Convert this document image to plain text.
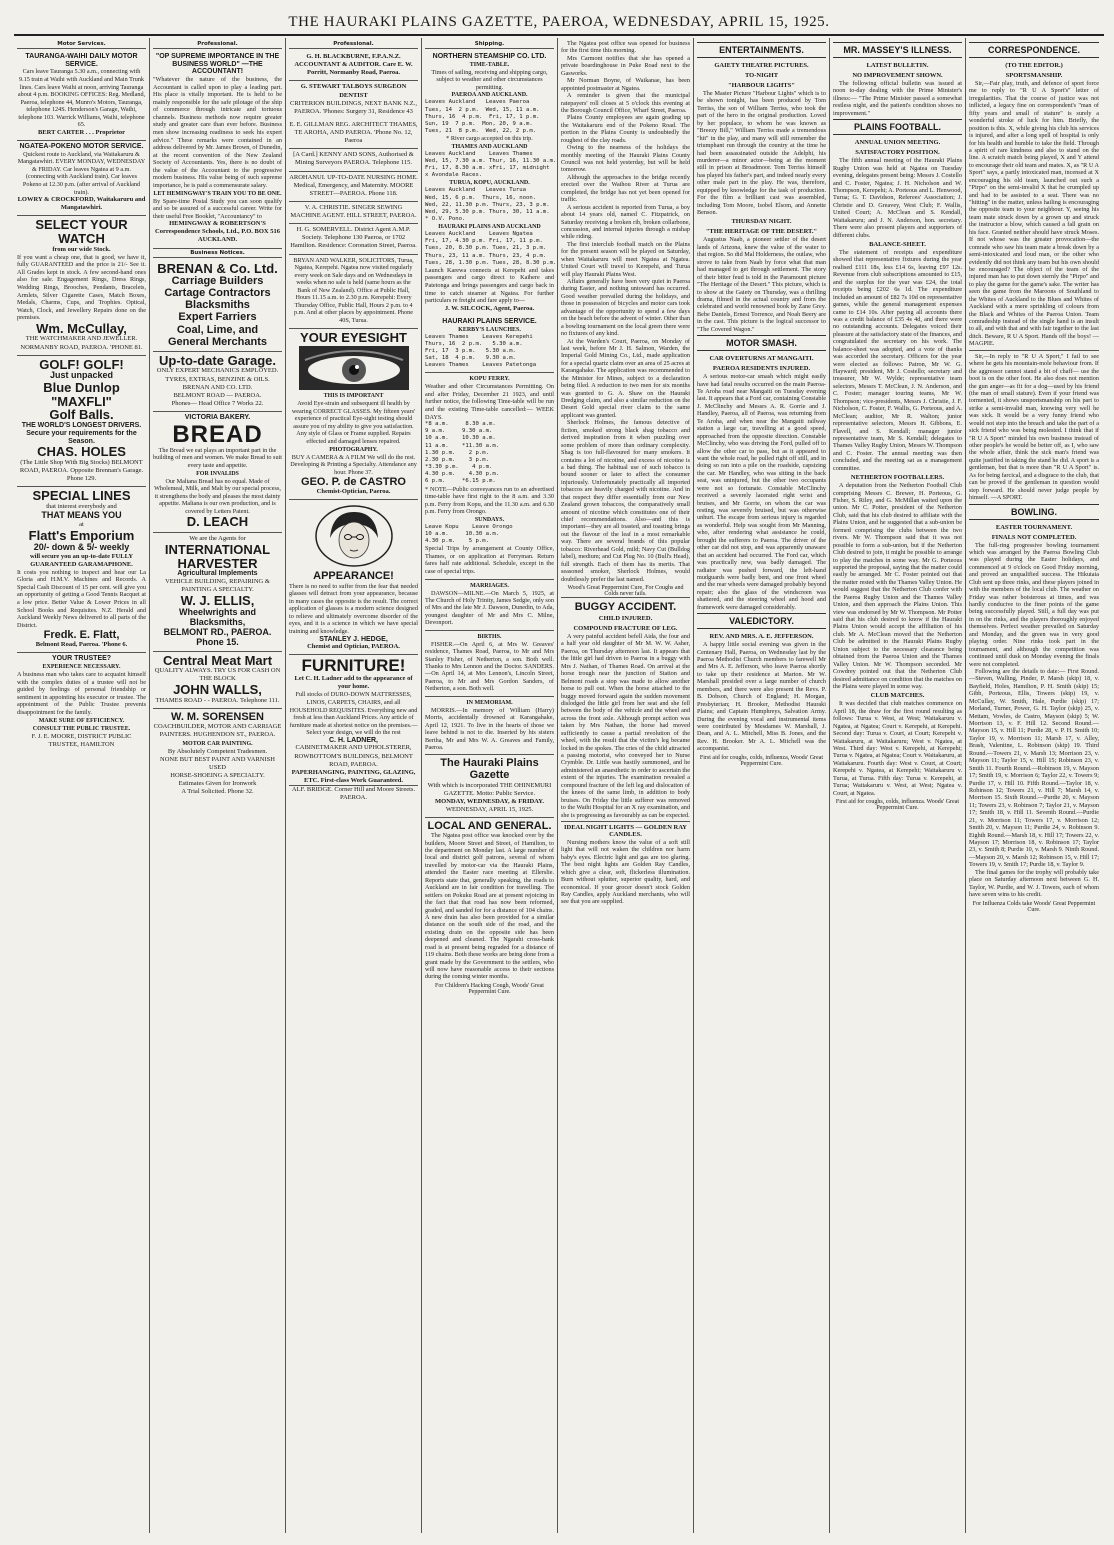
THE HAURAKI PLAINS GAZETTE, PAEROA, WEDNESDAY, APRIL 15, 1925.
Motor Services.
TAURANGA-WAIHI DAILY MOTOR SERVICE.
Cars leave Tauranga 5.30 a.m., connecting with 9.15 train at Waihi with Auckland and Main Trunk lines. Cars leave Waihi at noon, arriving Tauranga about 4 p.m. BOOKING OFFICES: Reg. Medland, Paeroa, telephone 44, Munro's Motors, Tauranga, telephone 124S. Henderson's Garage, Waihi, telephone 103. Warrick Williams, Waihi, telephone 65.
BERT CARTER . . . Proprietor
NGATEA-POKENO MOTOR SERVICE.
Quickest route to Auckland, via Waitakaruru & Mangatawhiri. EVERY MONDAY, WEDNESDAY & FRIDAY. Car leaves Ngatea at 9 a.m. (connecting with Auckland train). Car leaves Pokeno at 12.30 p.m. (after arrival of Auckland train).
LOWRY & CROCKFORD, Waitakaruru and Mangatawhiri.
SELECT YOUR WATCH
from our wide Stock.
If you want a cheap one, that is good, we have it, fully GUARANTEED and the price is 21/- See it. All Grades kept in stock. A few second-hand ones also for sale. Engagement Rings, Dress Rings, Wedding Rings, Brooches, Pendants, Bracelets, Armlets, Silver Cigarette Cases, Match Boxes, Medals, Charms, Cups, and Trophies. Optical, Watch, Clock, and Jewellery Repairs done on the premises.
Wm. McCullay,
THE WATCHMAKER AND JEWELLER. NORMANBY ROAD, PAEROA. 'PHONE 81.
GOLF! GOLF!
Just unpacked
Blue Dunlop
"MAXFLI"
Golf Balls.
THE WORLD'S LONGEST DRIVERS.
Secure your requirements for the Season.
CHAS. HOLES
(The Little Shop With Big Stocks) BELMONT ROAD, PAEROA. Opposite Brennan's Garage. Phone 129.
SPECIAL LINES
that interest everybody and
THAT MEANS YOU
at
Flatt's Emporium
20/- down & 5/- weekly
will secure you an up-to-date FULLY GUARANTEED GARAMAPHONE.
It costs you nothing to inspect and hear our La Gloria and H.M.V. Machines and Records. A Special Cash Discount of 15 per cent. will give you an opportunity of getting a Good Tennis Racquet at a low price. Better Value & Lower Prices in all School Books and Requisites. N.Z. Herald and Auckland Weekly News delivered to all parts of the District.
Fredk. E. Flatt,
Belmont Road, Paeroa. 'Phone 6.
YOUR TRUSTEE?
EXPERIENCE NECESSARY.
A business man who takes care to acquaint himself with the complex duties of a trustee will not be guided by feelings of personal friendship or sentiment in appointing his executor or trustee. The appointment of the Public Trustee prevents disappointment for the family.
MAKE SURE OF EFFICIENCY.
CONSULT THE PUBLIC TRUSTEE.
F. J. E. MOORE, DISTRICT PUBLIC TRUSTEE, HAMILTON
Professional.
"OP SUPREME IMPORTANCE IN THE BUSINESS WORLD" —THE ACCOUNTANT!
"Whatever the nature of the business, the Accountant is called upon to play a leading part. His place is vitally important. He is held to be mainly responsible for the safe pilotage of the ship of commerce through intricate and tortuous channels. Business methods now require greater study and greater care than ever before. Business men show increasing readiness to seek his expert advice." These remarks were contained in an address delivered by Mr. James Brown, of Dunedin, at the recent convention of the New Zealand Society of Accountants. Yes, there is no doubt of the value of the Accountant to the progressive modern business. His value being of such supreme importance, he is paid a commensurate salary.
LET HEMINGWAY'S TRAIN YOU TO BE ONE.
By Spare-time Postal Study you can soon qualify and so be assured of a successful career. Write for their useful Free Booklet, "Accountancy" to
HEMINGWAY & ROBERTSON'S Correspondence Schools, Ltd., P.O. BOX 516 AUCKLAND.
Business Notices.
BRENAN & Co. Ltd.
Carriage Builders
Cartage Contractors
Blacksmiths
Expert Farriers
Coal, Lime, and
General Merchants
Up-to-date Garage.
ONLY EXPERT MECHANICS EMPLOYED.
TYRES, EXTRAS, BENZINE & OILS.
BRENAN AND CO. LTD.
BELMONT ROAD — PAEROA.
Phones— Head Office 7 Works 22.
VICTORIA BAKERY.
BREAD
The Bread we eat plays an important part in the building of men and women. We make Bread to suit every taste and appetite.
FOR INVALIDS
Our Maltana Bread has no equal. Made of Wholemeal, Milk, and Malt by our special process, it strengthens the body and pleases the most dainty appetite. Maltana is our own production, and is covered by Letters Patent.
D. LEACH
We are the Agents for
INTERNATIONAL HARVESTER
Agricultural Implements
VEHICLE BUILDING, REPAIRING & PAINTING A SPECIALTY.
W. J. ELLIS,
Wheelwrights and Blacksmiths,
BELMONT RD., PAEROA.
Phone 15.
Central Meat Mart
QUALITY ALWAYS. TRY US FOR CASH ON THE BLOCK
JOHN WALLS,
THAMES ROAD - - PAEROA. Telephone 111.
W. M. SORENSEN
COACHBUILDER, MOTOR AND CARRIAGE PAINTERS. HUGHENDON ST., PAEROA.
MOTOR CAR PAINTING.
By Absolutely Competent Tradesmen.
NONE BUT BEST PAINT AND VARNISH USED
HORSE-SHOEING A SPECIALTY.
Estimates Given for Ironwork
A Trial Solicited. Phone 32.
Professional.
G. H. BLACKBURNE, F.P.A.N.Z. ACCOUNTANT & AUDITOR. Care E. W. Porritt, Normanby Road, Paeroa.
G. STEWART TALBOYS SURGEON DENTIST
CRITERION BUILDINGS, NEXT BANK N.Z., PAEROA. 'Phones: Surgery 31, Residence 43
E. E. GILLMAN REG. ARCHITECT THAMES, TE AROHA, AND PAEROA. 'Phone No. 12, Paeroa
[A Card.] KENNY AND SONS, Authorised & Mining Surveyors PAEROA. Telephone 115.
AROHANUI. UP-TO-DATE NURSING HOME. Medical, Emergency, and Maternity. MOORE STREET—PAEROA. Phone 118.
V. A. CHRISTIE. SINGER SEWING MACHINE AGENT. HILL STREET, PAEROA.
H. G. SOMERVELL. District Agent A.M.P. Society. Telephone 130 Paeroa, or 1702 Hamilton. Residence: Coronation Street, Paeroa.
BRYAN AND WALKER, SOLICITORS, Turua, Ngatea, Kerepehi. Ngatea now visited regularly every week on Sale days and on Wednesdays in weeks when no sale is held (same hours as the Bank of New Zealand). Office at Public Hall, Hours 11.15 a.m. to 2.30 p.m. Kerepehi: Every Thursday Office, Public Hall, Hours 2 p.m. to 4 p.m. And at other places by appointment. Phone 40S, Turua.
YOUR EYESIGHT
THIS IS IMPORTANT
Avoid Eye-strain and subsequent ill health by wearing CORRECT GLASSES. My fifteen years' experience of practical Eye-sight testing should assure you of my ability to give you satisfaction. Any style of Glass or Frame supplied. Repairs effected and damaged lenses repaired.
PHOTOGRAPHY.
BUY A CAMERA & A FILM We will do the rest. Developing & Printing a Specialty. Attendance any hour. Phone 37.
GEO. P. de CASTRO
Chemist-Optician, Paeroa.
APPEARANCE!
There is no need to suffer from the fear that needed glasses will detract from your appearance, because in many cases the opposite is the result. The correct application of glasses is a modern science designed to relieve and ultimately overcome disorder of the eyes, and it is a science in which we have special training and knowledge.
STANLEY J. HEDGE,
Chemist and Optician, PAEROA.
FURNITURE!
Let C. H. Ladner add to the appearance of your home.
Full stocks of DURO-DOWN MATTRESSES, LINOS, CARPETS, CHAIRS, and all HOUSEHOLD REQUISITES. Everything new and fresh at less than Auckland Prices. Any article of furniture made at shortest notice on the premises.— Select your design, we will do the rest
C. H. LADNER,
CABINETMAKER AND UPHOLSTERER, ROWBOTTOM'S BUILDINGS, BELMONT ROAD, PAEROA.
PAPERHANGING, PAINTING, GLAZING, ETC. First-class Work Guaranteed.
ALF. BRIDGE. Corner Hill and Moore Streets. PAEROA.
Shipping.
NORTHERN STEAMSHIP CO. LTD.
TIME-TABLE.
Times of sailing, receiving and shipping cargo, subject to weather and other circumstances permitting.
PAEROA AND AUCKLAND.
Leaves Auckland   Leaves Paeroa
Tues, 14  2 p.m.  Wed, 15, 11 a.m.
Thurs, 16  4 p.m.  Fri, 17, 1 p.m.
Sun, 19  7 p.m.  Mon, 20, 9 a.m.
Tues, 21  8 p.m.  Wed, 22, 2 p.m.
* River cargo accepted on this trip.
THAMES AND AUCKLAND
Leaves Auckland    Leaves Thames
Wed, 15, 7.30 a.m. Thur, 16, 11.30 a.m.
Fri, 17, 8.30 a.m. xFri, 17, midnight
x Avondale Races.
TURUA, KOPU, AUCKLAND.
Leaves Auckland   Leaves Turua
Wed, 15, 6 p.m.  Thurs, 16, noon.
Wed, 22, 11.30 p.m. Thurs, 23, 3 p.m.
Wed, 29, 5.30 p.m. Thurs, 30, 11 a.m.
* O.V. Pono.
HAURAKI PLAINS AND AUCKLAND
Leaves Auckland    Leaves Ngatea
Fri, 17, 4.30 p.m. Fri, 17, 11 p.m.
Tues, 20, 8.30 p.m. Tues, 21, 3 p.m.
Thurs, 23, 11 a.m. Thurs, 23, 4 p.m.
Tues, 28, 1.30 p.m. Tues, 28, 8.30 p.m.
Launch Karewa connects at Kerepehi and takes passengers and cargo direct to Kaihere and Patetonga and brings passengers and cargo back in time to catch steamer at Ngatea. For further particulars re freight and fare apply to—
J. W. SILCOCK, Agent, Paeroa.
HAURAKI PLAINS SERVICE.
KERBY'S LAUNCHES.
Leaves Thames    Leaves Kerepehi
Thurs, 16  2 p.m.   5.30 a.m.
Fri, 17  3 p.m.   5.30 a.m.
Sat, 18  4 p.m.   9.30 a.m.
Leaves Thames    Leaves Patetonga
KOPU FERRY.
Weather and other Circumstances Permitting. On and after Friday, December 21 1923, and until further notice, the following Time-table will be run and the existing Time-table cancelled:— WEEK DAYS.
*8 a.m.     8.30 a.m.
9 a.m.     9.30 a.m.
10 a.m.    10.30 a.m.
11 a.m.    *11.30 a.m.
1.30 p.m.    2 p.m.
2.30 p.m.    3 p.m.
*3.30 p.m.    4 p.m.
4.30 p.m.    4.30 p.m.
6 p.m.     *6.15 p.m.
* NOTE—Public conveyances run to an advertised time-table have first right to the 8 a.m. and 3.30 p.m. Ferry from Kopu, and the 11.30 a.m. and 6.30 p.m. Ferry from Orongo.
SUNDAYS.
Leave Kopu    Leave Orongo
10 a.m.     10.30 a.m.
4.30 p.m.    5 p.m.
Special Trips by arrangement at County Office, Thames, or on application at Ferryman. Return fares half rate additional. Schedule, except in the case of special trips.
MARRIAGES.
DAWSON—MILNE.—On March 5, 1925, at The Church of Holy Trinity, James Sedgie, only son of Mrs and the late Mr J. Dawson, Dunedin, to Ada, youngest daughter of Mr and Mrs C. Milne, Devonport.
BIRTHS.
FISHER.—On April 6, at Mrs W. Greaves' residence, Thames Road, Paeroa, to Mr and Mrs Stanley Fisher, of Netherton, a son. Both well. Thanks to Mrs Lennon and the Doctor. SANDERS.—On April 14, at Mrs Lennon's, Lincoln Street, Paeroa, to Mr and Mrs Gordon Sanders, of Netherton, a son. Both well.
IN MEMORIAM.
MORRIS.—In memory of William (Harry) Morris, accidentally drowned at Karangahake, April 12, 1921. To live in the hearts of those we leave behind is not to die. Inserted by his sisters Bertha, Mr and Mrs W. A. Greaves and Family, Paeroa.
The Hauraki Plains Gazette
With which is incorporated THE OHINEMURI GAZETTE. Motto: Public Service.
MONDAY, WEDNESDAY, & FRIDAY.
WEDNESDAY, APRIL 15, 1925.
LOCAL AND GENERAL.
The Ngatea post office was knocked over by the builders, Moore Street and Street, of Hamilton, to the department on Monday last. A large number of local and district golf patrons, several of whom travelled by motor-car via the Hauraki Plains, attended the Easter race meeting at Ellerslie. Reports state that, generally speaking, the roads to Auckland are in fair condition for travelling. The settlers on Pokuku Road are at present rejoicing in the fact that that road has now been reformed, graded, and sanded for for a distance of 104 chains. A new drain has also been provided for a similar distance on the south side of the road, and the existing drain on the opposite side has been deepened and cleaned. The Ngarahi cross-bank road is at present being regraded for a distance of 119 chains. Both these works are being done from a grant made by the Government to the settlers, who will now have reasonable access to their sections during the coming winter months.
For Children's Hacking Cough, Woods' Great Peppermint Cure.
The Ngatea post office was opened for business for the first time this morning.
Mrs Carmont notifies that she has opened a private boardinghouse in Puke Road next to the Gasworks.
Mr Norman Boyne, of Waikanae, has been appointed postmaster at Ngatea.
A reminder is given that the municipal ratepayers' roll closes at 5 o'clock this evening at the Borough Council Office, Wharf Street, Paeroa.
Plains County employees are again grading up the Waitakaruru end of the Pokeno Road. The portion in the Plains County is undoubtedly the roughest of the clay roads.
Owing to the nearness of the holidays the monthly meeting of the Hauraki Plains County Council was not held yesterday, but will be held tomorrow.
Although the approaches to the bridge recently erected over the Waihou River at Turua are completed, the bridge has not yet been opened for traffic.
A serious accident is reported from Turua, a boy about 14 years old, named C. Fitzpatrick, on Saturday receiving a broken rib, broken collarbone, concussion, and internal injuries through a mishap while riding.
The first interclub football match on the Plains for the present season will be played on Saturday, when Waitakaruru will meet Ngatea at Ngatea. United Court will travel to Kerepehi, and Turua will play Hauraki Plains West.
Affairs generally have been very quiet in Paeroa during Easter, and nothing untoward has occurred. Good weather prevailed during the holidays, and those in possession of bicycles and motor cars took advantage of the opportunity to spend a few days on the beach before the advent of winter. Other than a bowling tournament on the local green there were no fixtures of any kind.
At the Warden's Court, Paeroa, on Monday of last week, before Mr J. H. Salmon, Warden, the Imperial Gold Mining Co., Ltd., made application for a special quartz claim over an area of 25 acres at Karangahake. The application was recommended to the Minister for Mines, subject to a declaration being filed. A reduction to two men for six months was granted to G. A. Shaw on the Hauraki Dredging claim, and also a similar reduction on the Desert Gold special river claim to the same applicant was granted.
Sherlock Holmes, the famous detective of fiction, smoked strong black shag tobacco and derived inspiration from it when puzzling over some problem of more than ordinary complexity. Shag is too full-flavoured for many smokers. It contains a lot of nicotine, and excess of nicotine is a bad thing. The habitual use of such tobacco is bound sooner or later to affect the consumer injuriously. Unfortunately practically all imported tobaccos are heavily charged with nicotine. And in that respect they differ essentially from our New Zealand grown tobaccos, the comparatively small amount of nicotine which constitutes one of their chief recommendations. Also—and this is important—they are all toasted, and toasting brings out the flavour of the leaf in a most remarkable way. There are several brands of this popular tobacco: Riverhead Gold, mild; Navy Cut (Bulldog label), medium; and Cut Plug No. 10 (Bull's Head), full strength. Each of them has its merits. That seasoned smoker, Sherlock Holmes, would doubtlessly prefer the last named.
Wood's Great Peppermint Cure, For Coughs and Colds never fails.
BUGGY ACCIDENT.
CHILD INJURED.
COMPOUND FRACTURE OF LEG.
A very painful accident befell Aida, the four and a half year old daughter of Mr M. W. W. Asher, Paeroa, on Thursday afternoon last. It appears that the little girl had driven to Paeroa in a buggy with Mrs J. Nathan, of Thames Road. On arrival at the horse trough near the junction of Station and Belmont roads a stop was made to allow another horse to pull out. When the horse attached to the buggy moved forward again the sudden movement dislodged the little girl from her seat and she fell between the body of the vehicle and the wheel and across the front axle. Although prompt action was taken by Mrs Nathan, the horse had moved sufficiently to cause a partial revolution of the wheel, with the result that the victim's leg became locked in the spokes. The cries of the child attracted a passing motorist, who conveyed her to Nurse Crymble. Dr. Little was hastily summoned, and he administered an anaesthetic in order to ascertain the extent of the injuries. The examination revealed a compound fracture of the left leg and dislocation of the knees of the same limb, in addition to body bruises. On Friday the little sufferer was removed to the Waihi Hospital for an X ray examination, and she is progressing as favourably as can be expected.
IDEAL NIGHT LIGHTS — GOLDEN RAY CANDLES.
Nursing mothers know the value of a soft still light that will not waken the children nor harm baby's eyes. Electric light and gas are too glaring. The best night lights are Golden Ray Candles, which give a clear, soft, flickerless illumination. Burn without splutter, superior quality, hard, and economical. If your grocer doesn't stock Golden Ray Candles, apply Auckland merchants, who will see that you are supplied.
ENTERTAINMENTS.
GAIETY THEATRE PICTURES.
TO-NIGHT
"HARBOUR LIGHTS"
The Master Picture "Harbour Lights" which is to be shown tonight, has been produced by Tom Terriss, the son of William Terriss, who took the part of the hero in the original production. Loved by her populace, to whom he was known as "Breezy Bill," William Terriss made a tremendous "hit" in the play, and many will still remember the triumphant run through the country at the time he had been assassinated outside the Adelphi, his murderer—a minor actor—being at the moment still in prison at Broadmoor. Tom Terriss himself has played his father's part, and indeed nearly every other male part in the play. He was, therefore, equipped by knowledge for the task of production. For the film a brilliant cast was assembled, including Tom Moore, Isobel Elsom, and Annette Benson.
THURSDAY NIGHT.
"THE HERITAGE OF THE DESERT."
Augustus Naab, a pioneer settler of the desert lands of Arizona, knew the value of the water to that region. So did Mal Holderness, the outlaw, who strove to take from Naab by force what that man had managed to get through settlement. The story of their bitter feud is told in the Paramount picture "The Heritage of the Desert." This picture, which is to show at the Gaiety on Thursday, was a thrilling drama, filmed in the actual country and from the celebrated and world renowned book by Zane Grey. Bebe Daniels, Ernest Torrence, and Noah Beery are in the cast. This picture is the logical successor to "The Covered Wagon."
MOTOR SMASH.
CAR OVERTURNS AT MANGAITI.
PAEROA RESIDENTS INJURED.
A serious motor-car smash which might easily have had fatal results occurred on the main Paeroa-Te Aroha road near Mangaiti on Tuesday evening last. It appears that a Ford car, containing Constable J. McClinchy and Messrs A. R. Gorrie and J. Handley, Paeroa, all of Paeroa, was returning from Te Aroha, and when near the Mangaiti railway station a large car, travelling at a good speed, approached from the opposite direction. Constable McClinchy, who was driving the Ford, pulled off to allow the other car to pass, but as it appeared to want the whole road, he pulled right off still, and in doing so ran into a pile on the roadside, capsizing the car. Mr Handley, who was sitting in the back seat, was uninjured, but the other two occupants were not so fortunate. Constable McClinchy received a severely lacerated right wrist and bruises, and Mr Gorrie, on whom the car was resting, was severely bruised, but was otherwise unhurt. The escape from serious injury is regarded as wonderful. Help was sought from Mr Manning, who, after rendering what assistance he could, brought the sufferers to Paeroa. The driver of the other car did not stop, and was apparently unaware that an accident had occurred. The Ford car, which was practically new, was badly damaged. The radiator was pushed forward, the left-hand mudguards were badly bent, and one front wheel and the rear wheels were damaged probably beyond repair; also the glass of the windscreen was shattered, and the steering wheel and hood and framework were damaged considerably.
VALEDICTORY.
REV. AND MRS. A. E. JEFFERSON.
A happy little social evening was given in the Centenary Hall, Paeroa, on Wednesday last by the Paeroa Methodist Church members to farewell Mr and Mrs A. E. Jefferson, who leave Paeroa shortly to take up their residence at Marton. Mr W. Marshall presided over a large number of church members, and there were also present the Revs. P. B. Dobson, Church of England; H. Morgan, Presbyterian; H. Brooker, Methodist Hauraki Plains; and Captain Humphreys, Salvation Army. During the evening vocal and instrumental items were contributed by Mesdames W. Marshall, J. Dean, and A. L. Mitchell, Miss B. Jones, and the Rev. H. Brooker. Mr A. L. Mitchell was the accompanist.
First aid for coughs, colds, influenza, Woods' Great Peppermint Cure.
MR. MASSEY'S ILLNESS.
LATEST BULLETIN.
NO IMPROVEMENT SHOWN.
The following official bulletin was issued at noon to-day dealing with the Prime Minister's illness:— "The Prime Minister passed a somewhat restless night, and the patient's condition shows no improvement."
PLAINS FOOTBALL.
ANNUAL UNION MEETING.
SATISFACTORY POSITION.
The fifth annual meeting of the Hauraki Plains Rugby Union was held at Ngatea on Tuesday evening, delegates present being: Messrs J. Costello and C. Foster, Ngatea; J. H. Nicholson and W. Thompson, Kerepehi; A. Porteous and L. Henwood, Turua; G. T. Davidson, Referees' Association; J. Christie and D. Greavey, West Club; F. Wallis, United Court; A. McClean and S. Kendall, Waitakaruru; and J. N. Anderson, hon. secretary. There were also present players and supporters of different clubs.
BALANCE-SHEET.
The statement of receipts and expenditure showed that representative fixtures during the year realised £111 18s, less £14 6s, leaving £97 12s. Revenue from club subscriptions amounted to £15, and the surplus for the year was £24, the total receipts being £202 6s 1d. The expenditure included an amount of £82 7s 10d on representative games, while the general management expenses came to £14 10s. After paying all accounts there was a credit balance of £35 4s 4d, and there were no outstanding accounts. Delegates voiced their pleasure at the satisfactory state of the finances, and congratulated the secretary on his work. The balance-sheet was adopted, and a vote of thanks was accorded the secretary. Officers for the year were elected as follows: Patron, Mr W. G. Hayward; president, Mr J. Costello; secretary and treasurer, Mr W. Wylde; representative team selectors, Messrs T. McClean, J. N. Anderson, and C. Foster; manager touring teams, Mr W. Thompson; vice-presidents, Messrs J. Christie, J. F. Nicholson, C. Foster, F. Wallis, G. Porteous, and A. McClean; auditor, Mr R. Walton; junior representative selectors, Messrs H. Gibbons, E. Flavell, and S. Kendall; manager junior representative team, Mr S. Kendall; delegates to Thames Valley Rugby Union, Messrs W. Thompson and C. Foster. The annual meeting was then concluded, and the meeting sat as a management committee.
NETHERTON FOOTBALLERS.
A deputation from the Netherton Football Club comprising Messrs C. Brewer, H. Porteous, G. Fisher, S. Riley, and G. McMillan waited upon the union. Mr C. Potter, president of the Netherton Club, said that his club desired to affiliate with the Plains Union, and he suggested that a sub-union be formed comprising the clubs between the two rivers. Mr W. Thompson said that it was not possible to form a sub-union, but if the Netherton Club desired to join, it might be possible to arrange to play the matches in some way. Mr G. Porteous supported the proposal, saying that the matter could easily be arranged. Mr C. Foster pointed out that the matter rested with the Thames Valley Union. He would suggest that the Netherton Club confer with the Paeroa Rugby Union and the Thames Valley Union, and then approach the Plains Union. This view was endorsed by Mr W. Thompson. Mr Potter said that his club desired to know if the Hauraki Plains Union would accept the affiliation of his club. Mr A. McClean moved that the Netherton Club be admitted to the Hauraki Plains Rugby Union subject to the necessary clearance being obtained from the Paeroa Union and the Thames Valley Union. Mr W. Thompson seconded. Mr Cowdrey pointed out that the Netherton Club desired admittance on condition that the matches on the Plains were played in some way.
CLUB MATCHES.
It was decided that club matches commence on April 18, the draw for the first round resulting as follows: Turua v. West, at West; Waitakaruru v. Ngatea, at Ngatea; Court v. Kerepehi, at Kerepehi. Second day: Turua v. Court, at Court; Kerepehi v. Waitakaruru, at Waitakaruru; West v. Ngatea, at West. Third day: West v. Kerepehi, at Kerepehi; Turua v. Ngatea, at Ngatea; Court v. Waitakaruru, at Waitakaruru. Fourth day: West v. Court, at Court; Kerepehi v. Ngatea, at Kerepehi; Waitakaruru v. Turua, at Turua. Fifth day: Turua v. Kerepehi, at Turua; Waitakaruru v. West, at West; Ngatea v. Court, at Ngatea.
First aid for coughs, colds, influenza. Woods' Great Peppermint Cure.
CORRESPONDENCE.
(TO THE EDITOR.)
SPORTSMANSHIP.
Sir,—Fair play, truth, and defence of sport force me to reply to "R U A Sport's" letter of irregularities. That the course of justice was not inflicted, a legacy fine on correspondent's "man of fifty years and small of stature" is surely a wonderful stroke of luck for him. Briefly, the position is this. X, while giving his club his services is injured, and after a long spell of hospital is only for his health and humble to take the field. Through a spirit of rare kindness and also to stand on the line. A scratch match being played, X and Y attend to encourage their old team and mates. X, as "R U A Sport" says, a partly intoxicated man, incensed at X encouraging his old team, launched out such a "Pirpo" on the semi-invalid X that he crumpled up and had to be assisted to a seat. There was no "hitting" in the matter, unless hailing is encouraging the opposite team to your neighbour. Y, seeing his team mate struck down by a grown up and struck the instructor a blow, which caused a fall grain on his face. Granted neither should have struck Moses. If not whose was the greater provocation—the comrade who saw his team mate a break down by a semi-intoxicated and loud man, or the other who evidently did not think any team but his own should be encouraged? The object of the team of the injured man has to put down sternly the "Pirpo" and to play the game for the game's sake. The writer has seen the game from the Maroons of Southland to the Whites of Auckland to the Blues and Whites of Auckland with a mere sprinkling of colours from the Black and Whites of the Paeroa Union. Team comradeship instead of the single hand is an insult to all, and with that and with fair tegether to the last ditch. Beware, R U A Sport. Hands off the boys! —MAGPIE.
Sir,—In reply to "R U A Sport," I fail to see where he gets his mountain-mole behaviour from. If the aggressor cannot stand a bit of chaff— use the boot is on the other foot. He also does not mention the gun anger—as fit for a dog—used by his friend (the man of small stature). Even if your friend was tormented, it shows unsportsmanship on his part to strike a semi-invalid man, knowing very well he was sick. It would be a very funny friend who would not step into the breach and take the part of a sick friend who was being molested. I think that if "R U A Sport" minded his own business instead of other people's he would be better off, as I, who saw the whole affair, think the sick man's friend was quite justified in taking the stand he did. A sport is a gentleman, but that is more than "R U A Sport" is. As for being farcical, and a disgrace to the club, that can be proved if the gentleman in question would step forward. He should never judge people by himself. —A SPORT.
BOWLING.
EASTER TOURNAMENT.
FINALS NOT COMPLETED.
The full-ring progressive bowling tournament which was arranged by the Paeroa Bowling Club was played during the Easter holidays, and commenced at 9 o'clock on Good Friday morning, and proved an unqualified success. The Hikutaia Club sent up three rinks, and these players joined in with the members of the local club. The weather on Friday was rather boisterous at times, and was hardly conducive to the finer points of the game being successfully played. Still, a full day was put in on the rinks, and the players thoroughly enjoyed themselves. Perfect weather prevailed on Saturday and Monday, and the green was in very good playing order. Nine rinks took part in the tournament, and although the competition was continued until dusk on Monday evening the finals were not completed.
Following are the details to date:— First Round.—Steven, Walling, Pinder, P. Marsh (skip) 18, v. Bayfield, Holes, Hamilton, P. H. Smith (skip) 15; Gibb, Porteous, Ellis, Towers (skip) 19, v. McCullay, W. Smith, Hale, Purdie (skip) 17; Morland, Turner, Power, G. H. Taylor (skip) 25, v. Mettam, Vowles, de Castro, Mayson (skip) 5; W. Morrison 13, v. F. Hill 12. Second Round.—Mayson 15, v. Hill 11; Purdie 28, v. P. H. Smith 10; Taylor 19, v. Morrison 11; Marsh 17, v. Alley, Brash, Valentine, L. Robinson (skip) 19. Third Round.—Towers 21, v. Marsh 13; Morrison 23, v. Mayson 11; Taylor 15, v. Hill 15; Robinson 23, v. Smith 11. Fourth Round.—Robinson 19, v. Mayson 17; Smith 19, v. Morrison 6; Taylor 22, v. Towers 9; Purdie 17, v. Hill 10. Fifth Round.—Taylor 18, v. Robinson 12; Towers 21, v. Hill 7; Marsh 14, v. Morrison 15. Sixth Round.—Purdie 20, v. Mayson 11; Towers 23, v. Robinson 7; Taylor 21, v. Mayson 17; Smith 18, v. Hill 11. Seventh Round.—Purdie 21, v. Morrison 11; Towers 17, v. Morrison 12; Smith 20, v. Mayson 11; Purdie 24, v. Robinson 9. Eighth Round.—Marsh 18, v. Hill 17; Towers 22, v. Mayson 17; Morrison 18, v. Robinson 17; Taylor 23, v. Smith 8; Purdie 10, v. Marsh 9. Ninth Round.—Mayson 20, v. Marsh 12; Robinson 15, v. Hill 17; Towers 19, v. Smith 17; Purdie 18, v. Taylor 9.
The final games for the trophy will probably take place on Saturday afternoon next between G. H. Taylor, W. Purdie, and W. J. Towers, each of whom have seven wins to his credit.
For Influenza Colds take Woods' Great Peppermint Cure.
